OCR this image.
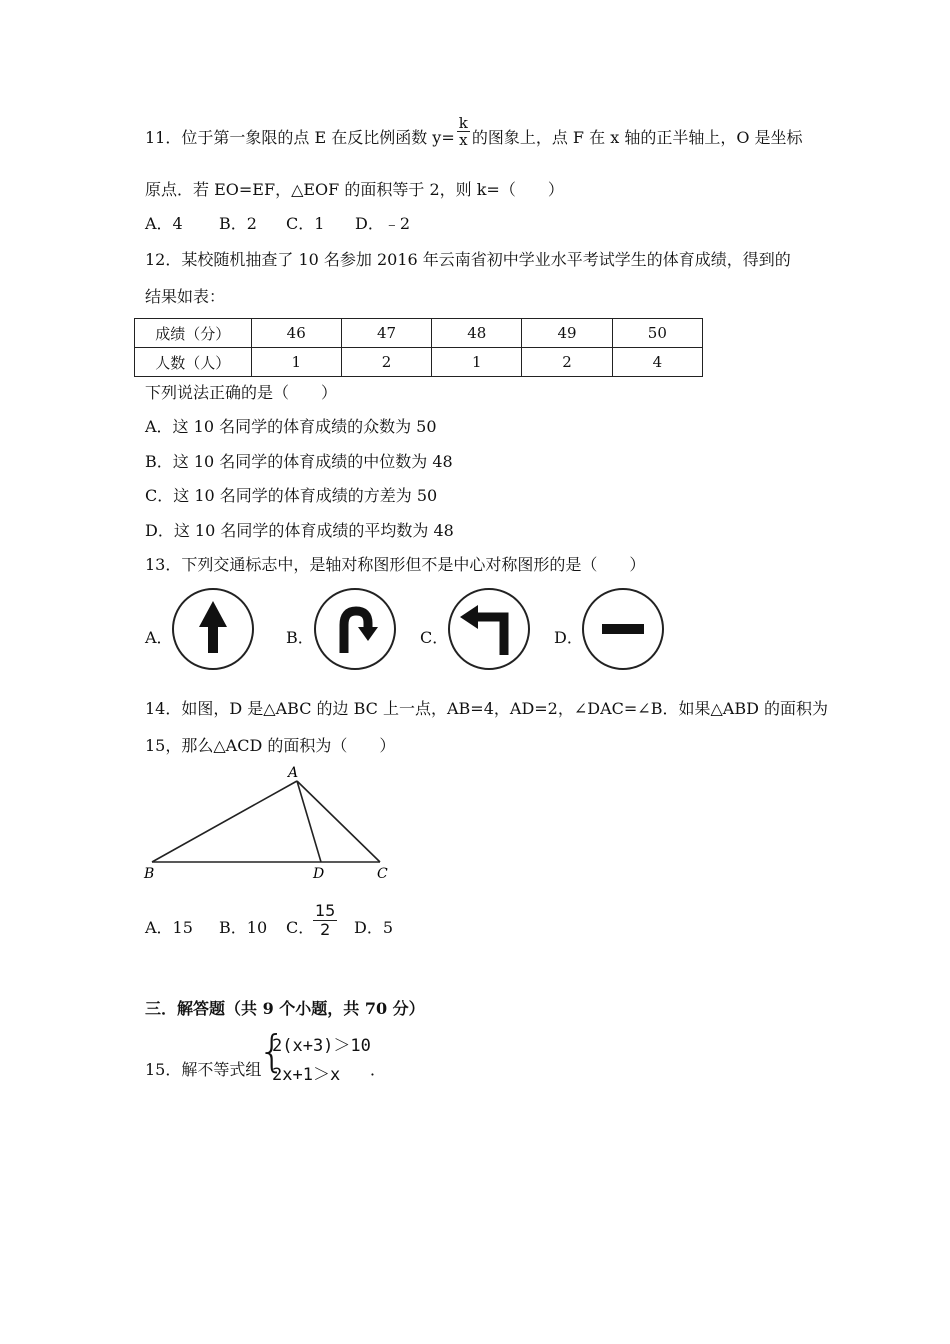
11．位于第一象限的点 E 在反比例函数 $y= \frac{k}{x}$ 的图象上，点 F 在 x 轴的正半轴上，O 是坐标
原点．若 EO=EF，△EOF 的面积等于 2，则 k=（　　）
A．4 B．2 C．1 D．﹣2
12．某校随机抽查了 10 名参加 2016 年云南省初中学业水平考试学生的体育成绩，得到的
结果如表：
成绩（分）	46	47	48	49	50
人数（人）	1	2	1	2	4
下列说法正确的是（　　）
A．这 10 名同学的体育成绩的众数为 50
B．这 10 名同学的体育成绩的中位数为 48
C．这 10 名同学的体育成绩的方差为 50
D．这 10 名同学的体育成绩的平均数为 48
13．下列交通标志中，是轴对称图形但不是中心对称图形的是（　　）
A．	B．	C．	D．
14．如图，D 是△ABC 的边 BC 上一点，AB=4，AD=2，∠DAC=∠B．如果△ABD 的面积为
15，那么△ACD 的面积为（　　）
A
B	D	C
A．15 B．10 C．
$\frac{15}{2}$ D．5
三．解答题（共 9 个小题，共 70 分）
15．解不等式组
{
2(x+3)＞10
2x+1＞x ．
